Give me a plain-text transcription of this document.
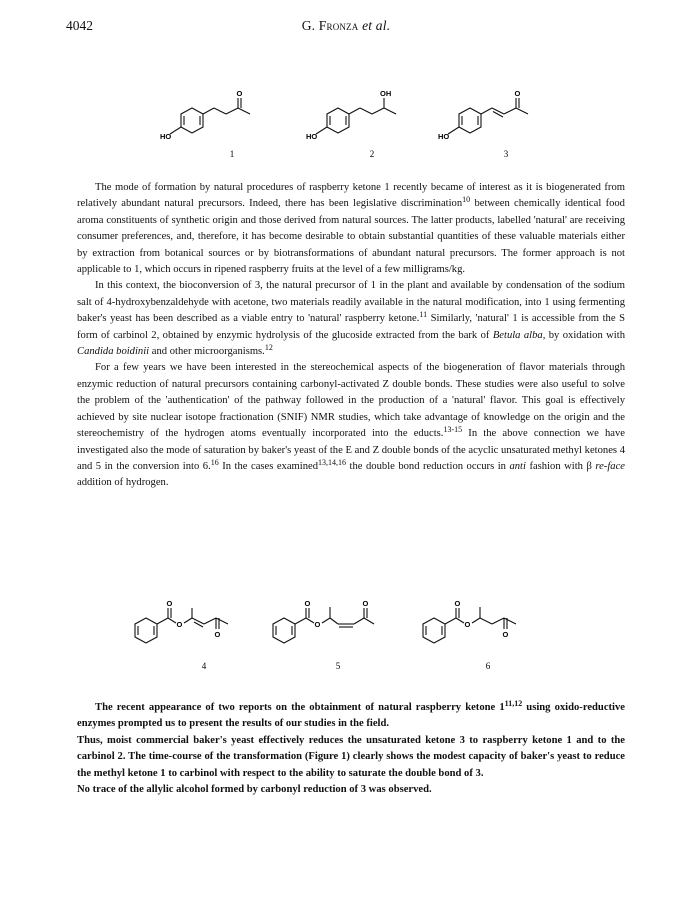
4042	G. Fronza et al.
HO
O
1
HO
OH
2
HO
O
3

The mode of formation by natural procedures of raspberry ketone 1 recently became of interest as it is biogenerated from relatively abundant natural precursors. Indeed, there has been legislative discrimination$^{10}$ between chemically identical food aroma constituents of synthetic origin and those derived from natural sources. The latter products, labelled 'natural' are receiving consumer preferences, and, therefore, it has become desirable to obtain substantial quantities of these valuable materials either by extraction from botanical sources or by biotransformations of abundant natural precursors. The former approach is not applicable to 1, which occurs in ripened raspberry fruits at the level of a few milligrams/kg.

In this context, the bioconversion of 3, the natural precursor of 1 in the plant and available by condensation of the sodium salt of 4-hydroxybenzaldehyde with acetone, two materials readily available in the natural modification, into 1 using fermenting baker's yeast has been described as a viable entry to 'natural' raspberry ketone.$^{11}$ Similarly, 'natural' 1 is accessible from the S form of carbinol 2, obtained by enzymic hydrolysis of the glucoside extracted from the bark of Betula alba, by oxidation with Candida boidinii and other microorganisms.$^{12}$

For a few years we have been interested in the stereochemical aspects of the biogeneration of flavor materials through enzymic reduction of natural precursors containing carbonyl-activated Z double bonds. These studies were also useful to solve the problem of the 'authentication' of the pathway followed in the production of a 'natural' flavor. This goal is effectively achieved by site nuclear isotope fractionation (SNIF) NMR studies, which take advantage of knowledge on the origin and the stereochemistry of the hydrogen atoms eventually incorporated into the educts.$^{13-15}$ In the above connection we have investigated also the mode of saturation by baker's yeast of the E and Z double bonds of the acyclic unsaturated methyl ketones 4 and 5 in the conversion into 6.16 In the cases examined$^{13,14,16}$ the double bond reduction occurs in anti fashion with β re-face addition of hydrogen.

O
O
O
4
O
O
O
5
O
O
O
6

The recent appearance of two reports on the obtainment of natural raspberry ketone 1$^{11,12}$ using oxido-reductive enzymes prompted us to present the results of our studies in the field.

Thus, moist commercial baker's yeast effectively reduces the unsaturated ketone 3 to raspberry ketone 1 and to the carbinol 2. The time-course of the transformation (Figure 1) clearly shows the modest capacity of baker's yeast to reduce the methyl ketone 1 to carbinol with respect to the ability to saturate the double bond of 3.

No trace of the allylic alcohol formed by carbonyl reduction of 3 was observed.
